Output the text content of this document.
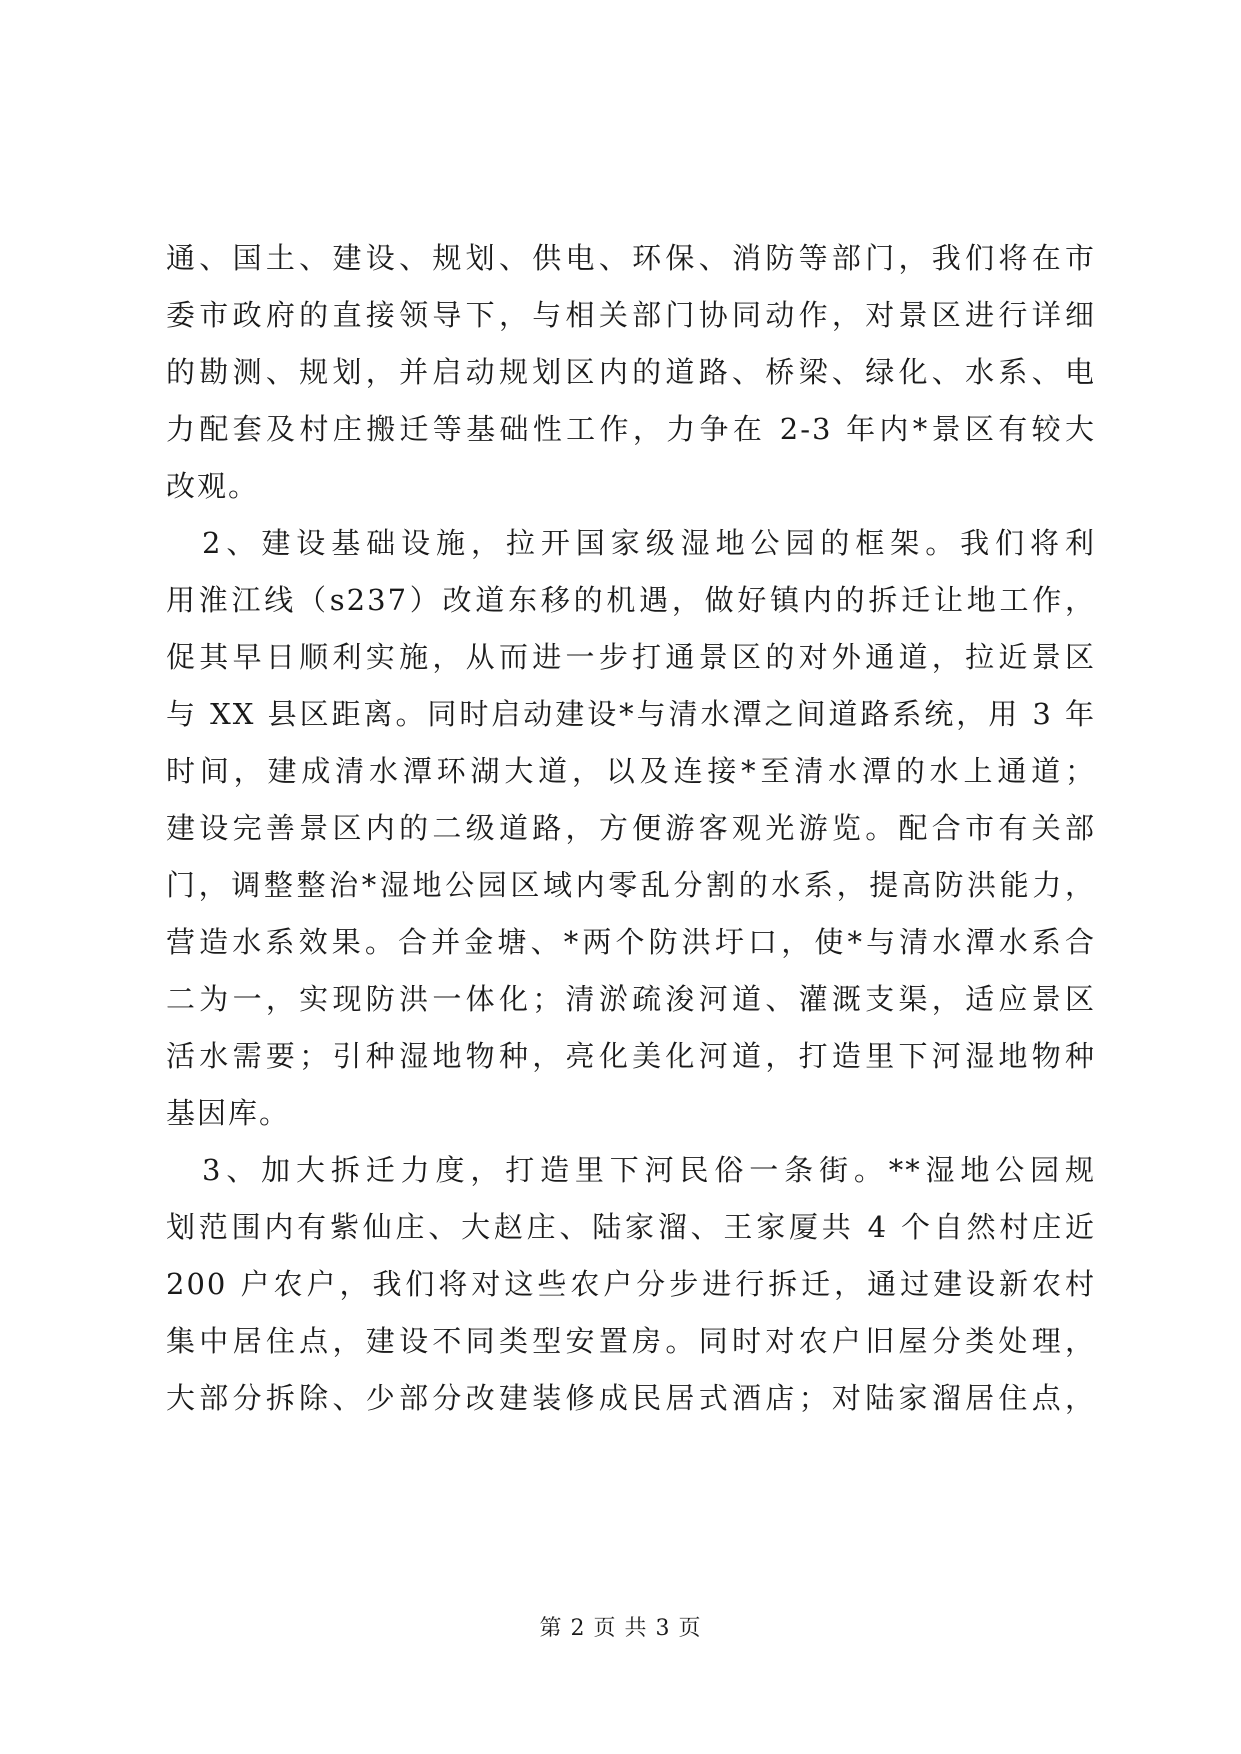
通、国土、建设、规划、供电、环保、消防等部门，我们将在市
委市政府的直接领导下，与相关部门协同动作，对景区进行详细
的勘测、规划，并启动规划区内的道路、桥梁、绿化、水系、电
力配套及村庄搬迁等基础性工作，力争在 2-3 年内*景区有较大
改观。
2、建设基础设施，拉开国家级湿地公园的框架。我们将利
用淮江线（s237）改道东移的机遇，做好镇内的拆迁让地工作，
促其早日顺利实施，从而进一步打通景区的对外通道，拉近景区
与 XX 县区距离。同时启动建设*与清水潭之间道路系统，用 3 年
时间，建成清水潭环湖大道，以及连接*至清水潭的水上通道；
建设完善景区内的二级道路，方便游客观光游览。配合市有关部
门，调整整治*湿地公园区域内零乱分割的水系，提高防洪能力，
营造水系效果。合并金塘、*两个防洪圩口，使*与清水潭水系合
二为一，实现防洪一体化；清淤疏浚河道、灌溉支渠，适应景区
活水需要；引种湿地物种，亮化美化河道，打造里下河湿地物种
基因库。
3、加大拆迁力度，打造里下河民俗一条街。**湿地公园规
划范围内有紫仙庄、大赵庄、陆家溜、王家厦共 4 个自然村庄近
200 户农户，我们将对这些农户分步进行拆迁，通过建设新农村
集中居住点，建设不同类型安置房。同时对农户旧屋分类处理，
大部分拆除、少部分改建装修成民居式酒店；对陆家溜居住点，
第 2 页 共 3 页
